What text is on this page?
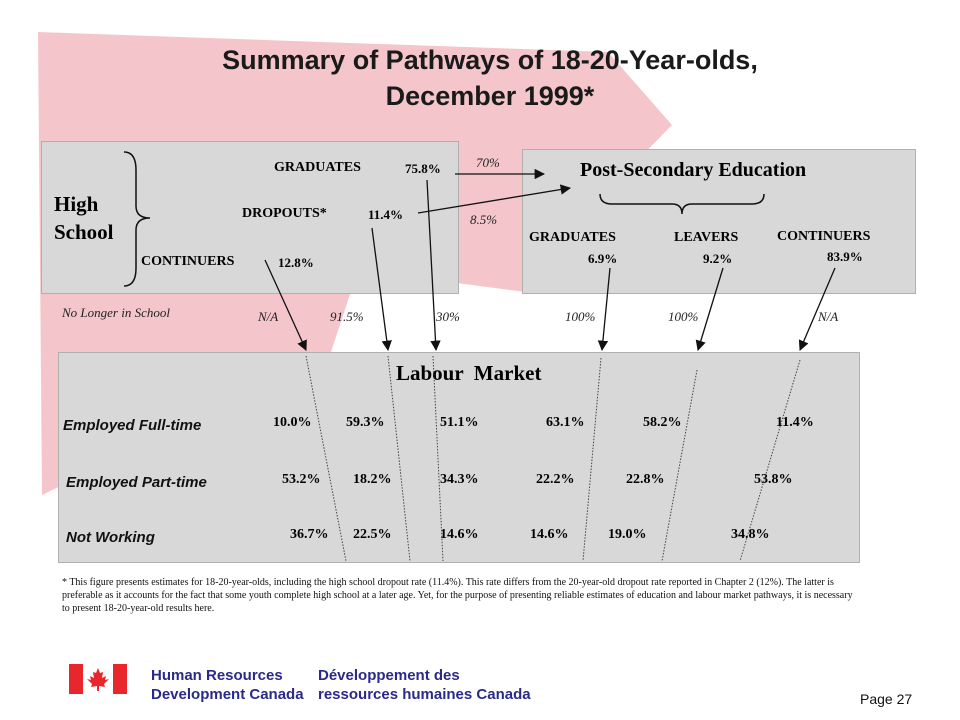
Summary of Pathways of 18-20-Year-olds,
December 1999*
High
School
GRADUATES	75.8%
DROPOUTS*	11.4%
CONTINUERS	12.8%
Post-Secondary Education
GRADUATES
6.9%
LEAVERS
9.2%
CONTINUERS
83.9%
70%
8.5%
No Longer in School	N/A	91.5%	30%	100%	100%	N/A
Labour  Market
Employed Full-time
Employed Part-time
Not Working
10.0% 59.3%	51.1%	63.1%	58.2%	11.4%
53.2% 18.2%	34.3%	22.2%	22.8%	53.8%
36.7% 22.5%	14.6%	14.6%	19.0%	34.8%
* This figure presents estimates for 18-20-year-olds, including the high school dropout rate (11.4%). This rate differs from the 20-year-old dropout rate reported in Chapter 2 (12%). The latter is preferable as it accounts for the fact that some youth complete high school at a later age. Yet, for the purpose of presenting reliable estimates of education and labour market pathways, it is necessary to present 18-20-year-old results here.
Human Resources
Development Canada
Développement des
ressources humaines Canada	Page 27
